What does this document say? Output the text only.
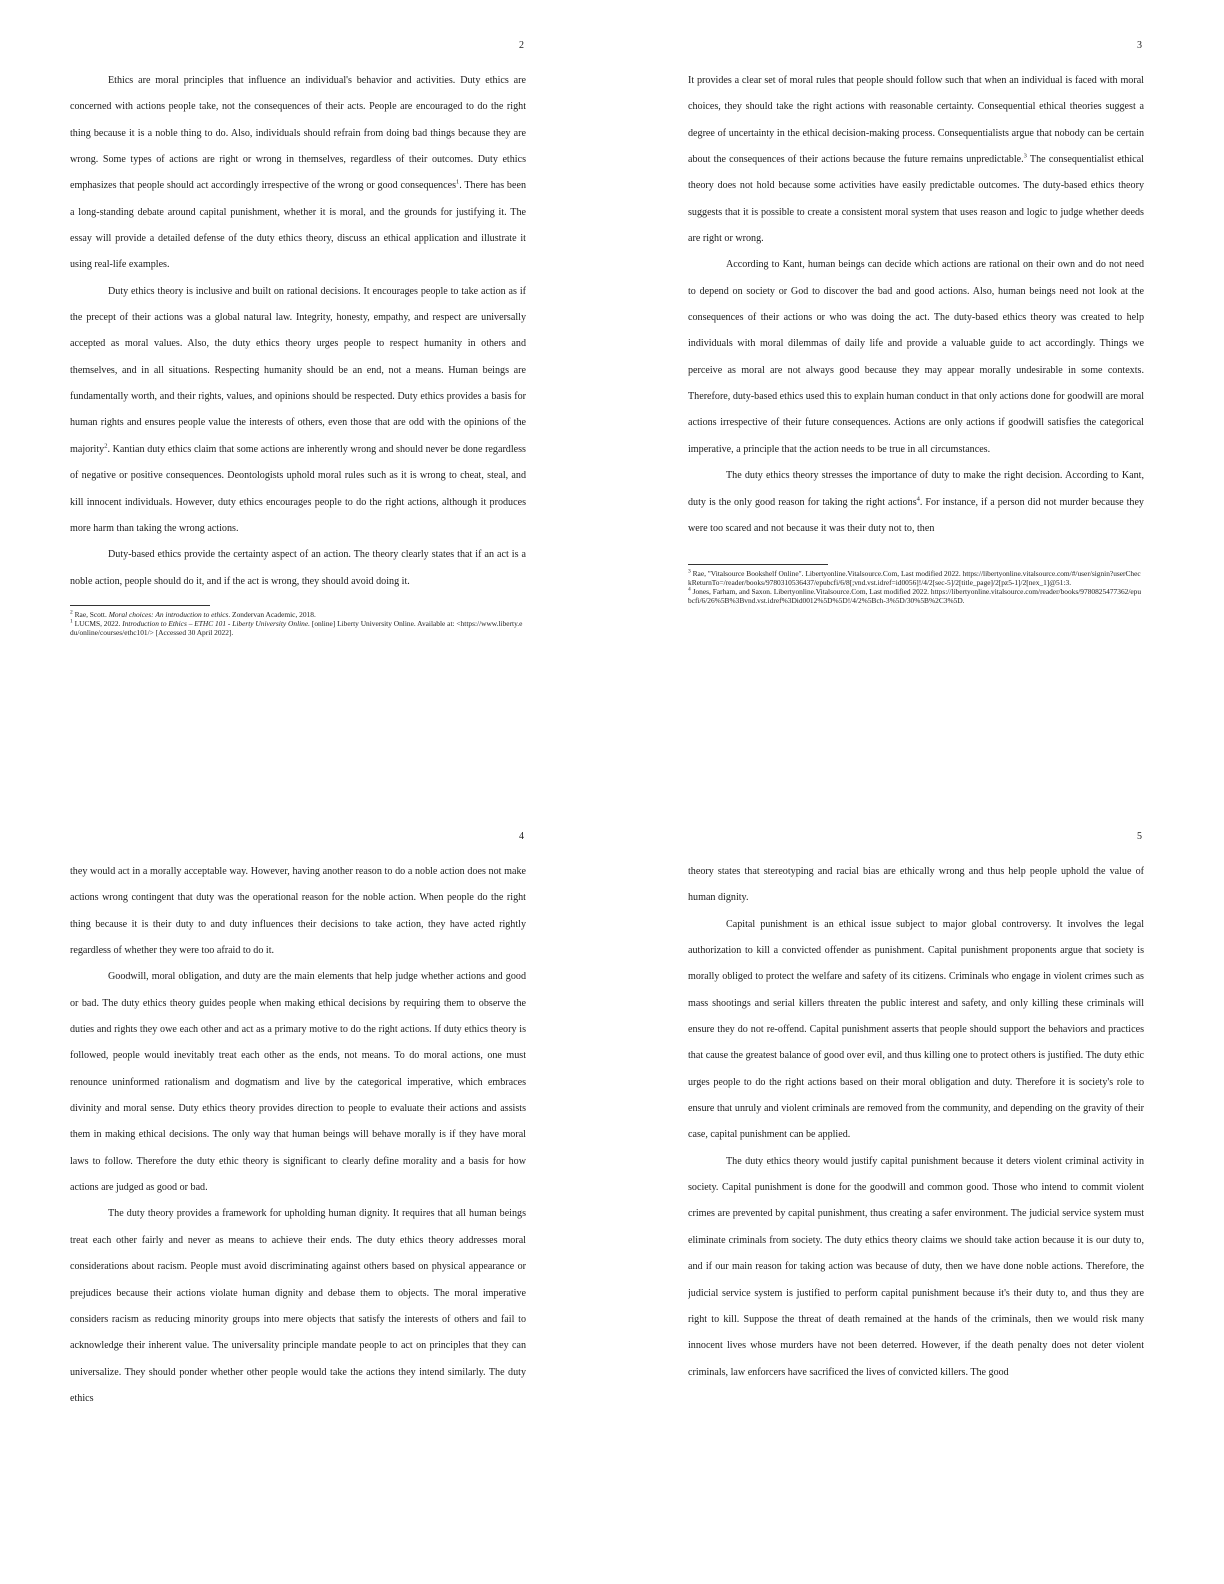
2

Ethics are moral principles that influence an individual's behavior and activities. Duty ethics are concerned with actions people take, not the consequences of their acts. People are encouraged to do the right thing because it is a noble thing to do. Also, individuals should refrain from doing bad things because they are wrong. Some types of actions are right or wrong in themselves, regardless of their outcomes. Duty ethics emphasizes that people should act accordingly irrespective of the wrong or good consequences$^1$. There has been a long-standing debate around capital punishment, whether it is moral, and the grounds for justifying it. The essay will provide a detailed defense of the duty ethics theory, discuss an ethical application and illustrate it using real-life examples.

Duty ethics theory is inclusive and built on rational decisions. It encourages people to take action as if the precept of their actions was a global natural law. Integrity, honesty, empathy, and respect are universally accepted as moral values. Also, the duty ethics theory urges people to respect humanity in others and themselves, and in all situations. Respecting humanity should be an end, not a means. Human beings are fundamentally worth, and their rights, values, and opinions should be respected. Duty ethics provides a basis for human rights and ensures people value the interests of others, even those that are odd with the opinions of the majority$^2$. Kantian duty ethics claim that some actions are inherently wrong and should never be done regardless of negative or positive consequences. Deontologists uphold moral rules such as it is wrong to cheat, steal, and kill innocent individuals. However, duty ethics encourages people to do the right actions, although it produces more harm than taking the wrong actions.

Duty-based ethics provide the certainty aspect of an action. The theory clearly states that if an act is a noble action, people should do it, and if the act is wrong, they should avoid doing it.

$^2$ Rae, Scott. Moral choices: An introduction to ethics. Zondervan Academic, 2018.

$^1$ LUCMS, 2022. Introduction to Ethics – ETHC 101 - Liberty University Online. [online] Liberty University Online. Available at: <https://www.liberty.edu/online/courses/ethc101/> [Accessed 30 April 2022].

3

It provides a clear set of moral rules that people should follow such that when an individual is faced with moral choices, they should take the right actions with reasonable certainty. Consequential ethical theories suggest a degree of uncertainty in the ethical decision-making process. Consequentialists argue that nobody can be certain about the consequences of their actions because the future remains unpredictable.$^3$ The consequentialist ethical theory does not hold because some activities have easily predictable outcomes. The duty-based ethics theory suggests that it is possible to create a consistent moral system that uses reason and logic to judge whether deeds are right or wrong.

According to Kant, human beings can decide which actions are rational on their own and do not need to depend on society or God to discover the bad and good actions. Also, human beings need not look at the consequences of their actions or who was doing the act. The duty-based ethics theory was created to help individuals with moral dilemmas of daily life and provide a valuable guide to act accordingly. Things we perceive as moral are not always good because they may appear morally undesirable in some contexts. Therefore, duty-based ethics used this to explain human conduct in that only actions done for goodwill are moral actions irrespective of their future consequences. Actions are only actions if goodwill satisfies the categorical imperative, a principle that the action needs to be true in all circumstances.

The duty ethics theory stresses the importance of duty to make the right decision. According to Kant, duty is the only good reason for taking the right actions$^4$. For instance, if a person did not murder because they were too scared and not because it was their duty not to, then

$^3$ Rae, "Vitalsource Bookshelf Online". Libertyonline.Vitalsource.Com, Last modified 2022. https://libertyonline.vitalsource.com/#/user/signin?userCheckReturnTo=/reader/books/9780310536437/epubcfi/6/8[;vnd.vst.idref=id0056]!/4/2[sec-5]/2[title_page]/2[pz5-1]/2[nex_1]@51:3.

$^4$ Jones, Farham, and Saxon. Libertyonline.Vitalsource.Com, Last modified 2022. https://libertyonline.vitalsource.com/reader/books/9780825477362/epubcfi/6/26%5B%3Bvnd.vst.idref%3Did0012%5D%5D!/4/2%5Bch-3%5D/30%5B%2C3%5D.

4

they would act in a morally acceptable way. However, having another reason to do a noble action does not make actions wrong contingent that duty was the operational reason for the noble action. When people do the right thing because it is their duty to and duty influences their decisions to take action, they have acted rightly regardless of whether they were too afraid to do it.

Goodwill, moral obligation, and duty are the main elements that help judge whether actions and good or bad. The duty ethics theory guides people when making ethical decisions by requiring them to observe the duties and rights they owe each other and act as a primary motive to do the right actions. If duty ethics theory is followed, people would inevitably treat each other as the ends, not means. To do moral actions, one must renounce uninformed rationalism and dogmatism and live by the categorical imperative, which embraces divinity and moral sense. Duty ethics theory provides direction to people to evaluate their actions and assists them in making ethical decisions. The only way that human beings will behave morally is if they have moral laws to follow. Therefore the duty ethic theory is significant to clearly define morality and a basis for how actions are judged as good or bad.

The duty theory provides a framework for upholding human dignity. It requires that all human beings treat each other fairly and never as means to achieve their ends. The duty ethics theory addresses moral considerations about racism. People must avoid discriminating against others based on physical appearance or prejudices because their actions violate human dignity and debase them to objects. The moral imperative considers racism as reducing minority groups into mere objects that satisfy the interests of others and fail to acknowledge their inherent value. The universality principle mandate people to act on principles that they can universalize. They should ponder whether other people would take the actions they intend similarly. The duty ethics

5

theory states that stereotyping and racial bias are ethically wrong and thus help people uphold the value of human dignity.

Capital punishment is an ethical issue subject to major global controversy. It involves the legal authorization to kill a convicted offender as punishment. Capital punishment proponents argue that society is morally obliged to protect the welfare and safety of its citizens. Criminals who engage in violent crimes such as mass shootings and serial killers threaten the public interest and safety, and only killing these criminals will ensure they do not re-offend. Capital punishment asserts that people should support the behaviors and practices that cause the greatest balance of good over evil, and thus killing one to protect others is justified. The duty ethic urges people to do the right actions based on their moral obligation and duty. Therefore it is society's role to ensure that unruly and violent criminals are removed from the community, and depending on the gravity of their case, capital punishment can be applied.

The duty ethics theory would justify capital punishment because it deters violent criminal activity in society. Capital punishment is done for the goodwill and common good. Those who intend to commit violent crimes are prevented by capital punishment, thus creating a safer environment. The judicial service system must eliminate criminals from society. The duty ethics theory claims we should take action because it is our duty to, and if our main reason for taking action was because of duty, then we have done noble actions. Therefore, the judicial service system is justified to perform capital punishment because it's their duty to, and thus they are right to kill. Suppose the threat of death remained at the hands of the criminals, then we would risk many innocent lives whose murders have not been deterred. However, if the death penalty does not deter violent criminals, law enforcers have sacrificed the lives of convicted killers. The good
